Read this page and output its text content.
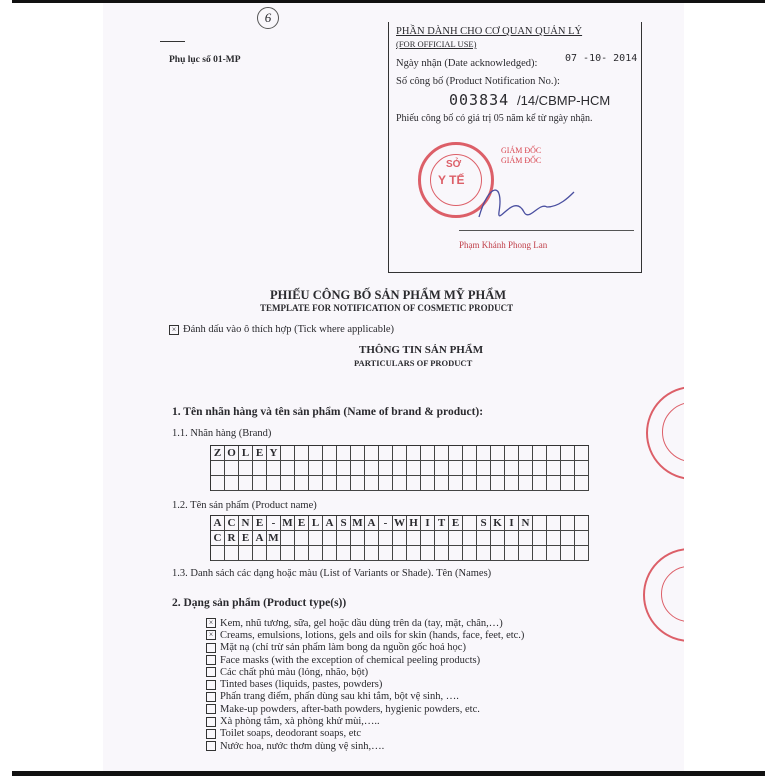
6
Phụ lục số 01-MP
PHẦN DÀNH CHO CƠ QUAN QUẢN LÝ
(FOR OFFICIAL USE)
Ngày nhận (Date acknowledged):	07 -10- 2014
Số công bố (Product Notification No.):
003834 /14/CBMP-HCM
Phiếu công bố có giá trị 05 năm kể từ ngày nhận.
GIÁM ĐỐC
GIÁM ĐỐC
SỞ
Y TẾ
Phạm Khánh Phong Lan
PHIẾU CÔNG BỐ SẢN PHẨM MỸ PHẨM
TEMPLATE FOR NOTIFICATION OF COSMETIC PRODUCT
× Đánh dấu vào ô thích hợp (Tick where applicable)
THÔNG TIN SẢN PHẨM
PARTICULARS OF PRODUCT
1. Tên nhãn hàng và tên sản phẩm (Name of brand & product):
1.1. Nhãn hàng (Brand)
Z O L E Y
1.2. Tên sản phẩm (Product name)
A C N E - M E L A S M A - W H I T E	S K I N
C R E A M
1.3. Danh sách các dạng hoặc màu (List of Variants or Shade). Tên (Names)
2. Dạng sản phẩm (Product type(s))
× Kem, nhũ tương, sữa, gel hoặc dầu dùng trên da (tay, mặt, chân,…)
× Creams, emulsions, lotions, gels and oils for skin (hands, face, feet, etc.)
Mặt nạ (chỉ trừ sản phẩm làm bong da nguồn gốc hoá học)
Face masks (with the exception of chemical peeling products)
Các chất phủ màu (lỏng, nhão, bột)
Tinted bases (liquids, pastes, powders)
Phấn trang điểm, phấn dùng sau khi tắm, bột vệ sinh, ….
Make-up powders, after-bath powders, hygienic powders, etc.
Xà phòng tắm, xà phòng khử mùi,…..
Toilet soaps, deodorant soaps, etc
Nước hoa, nước thơm dùng vệ sinh,….
